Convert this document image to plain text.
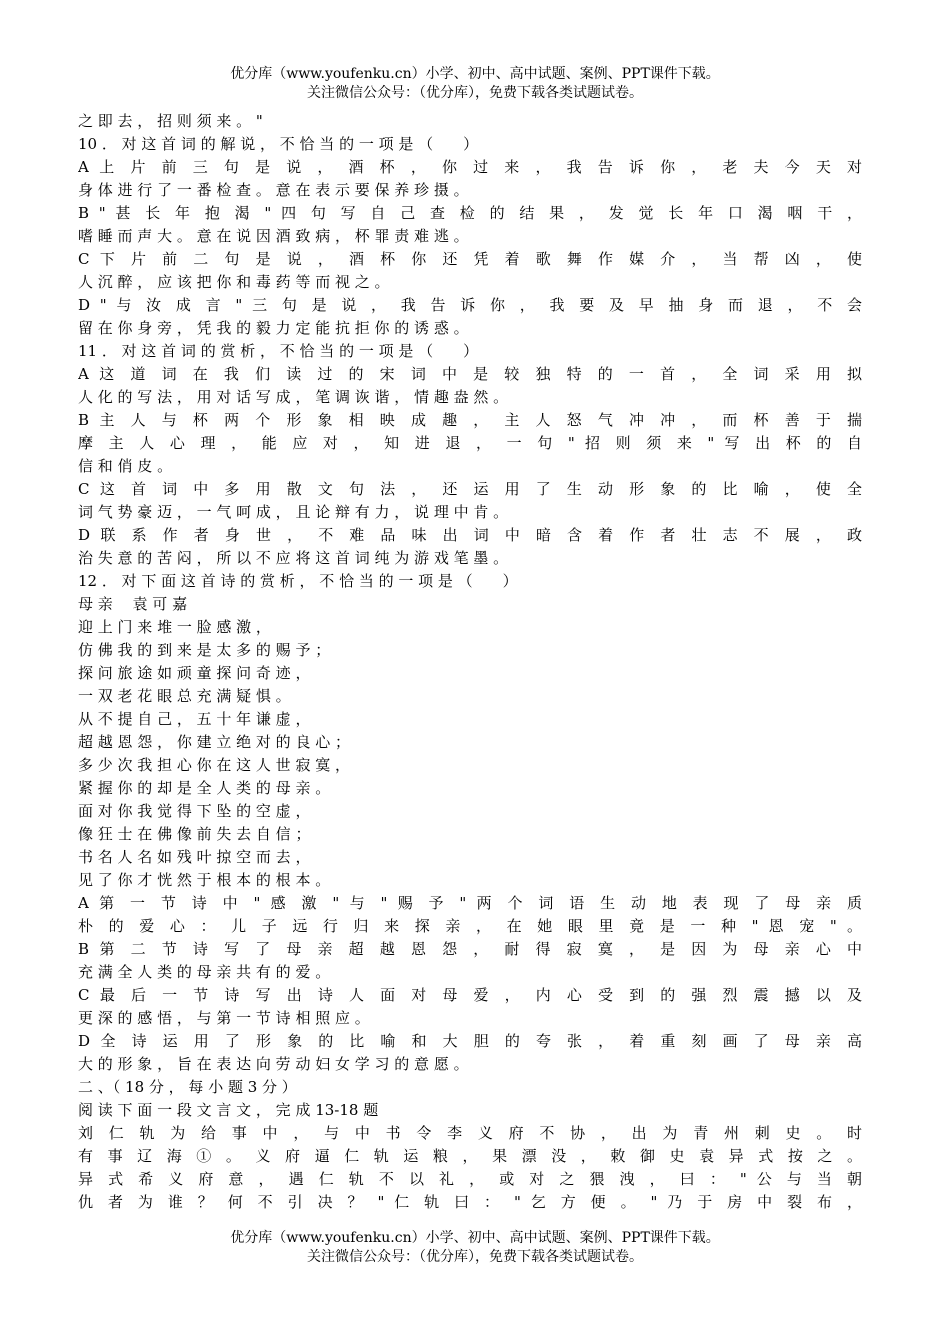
优分库（www.youfenku.cn）小学、初中、高中试题、案例、PPT课件下载。

关注微信公众号：（优分库），免费下载各类试题试卷。

之 即 去 ， 招 则 须 来 。 "

10 ． 对 这 首 词 的 解 说 ， 不 恰 当 的 一 项 是 （　　）

A 上 片 前 三 句 是 说 ， 酒 杯 ， 你 过 来 ， 我 告 诉 你 ， 老 夫 今 天 对

身 体 进 行 了 一 番 检 查 。 意 在 表 示 要 保 养 珍 摄 。

B " 甚 长 年 抱 渴 " 四 句 写 自 己 查 检 的 结 果 ， 发 觉 长 年 口 渴 咽 干 ，

嗜 睡 而 声 大 。 意 在 说 因 酒 致 病 ， 杯 罪 责 难 逃 。

C 下 片 前 二 句 是 说 ， 酒 杯 你 还 凭 着 歌 舞 作 媒 介 ， 当 帮 凶 ， 使

人 沉 醉 ， 应 该 把 你 和 毒 药 等 而 视 之 。

D " 与 汝 成 言 " 三 句 是 说 ， 我 告 诉 你 ， 我 要 及 早 抽 身 而 退 ， 不 会

留 在 你 身 旁 ， 凭 我 的 毅 力 定 能 抗 拒 你 的 诱 惑 。

11 ． 对 这 首 词 的 赏 析 ， 不 恰 当 的 一 项 是 （　　）

A 这 道 词 在 我 们 读 过 的 宋 词 中 是 较 独 特 的 一 首 ， 全 词 采 用 拟

人 化 的 写 法 ， 用 对 话 写 成 ， 笔 调 诙 谐 ， 情 趣 盎 然 。

B 主 人 与 杯 两 个 形 象 相 映 成 趣 ， 主 人 怒 气 冲 冲 ， 而 杯 善 于 揣

摩 主 人 心 理 ， 能 应 对 ， 知 进 退 ， 一 句 " 招 则 须 来 " 写 出 杯 的 自

信 和 俏 皮 。

C 这 首 词 中 多 用 散 文 句 法 ， 还 运 用 了 生 动 形 象 的 比 喻 ， 使 全

词 气 势 豪 迈 ， 一 气 呵 成 ， 且 论 辩 有 力 ， 说 理 中 肯 。

D 联 系 作 者 身 世 ， 不 难 品 味 出 词 中 暗 含 着 作 者 壮 志 不 展 ， 政

治 失 意 的 苦 闷 ， 所 以 不 应 将 这 首 词 纯 为 游 戏 笔 墨 。

12 ． 对 下 面 这 首 诗 的 赏 析 ， 不 恰 当 的 一 项 是 （　　）

母 亲　 袁 可 嘉

迎 上 门 来 堆 一 脸 感 激 ，

仿 佛 我 的 到 来 是 太 多 的 赐 予 ；

探 问 旅 途 如 顽 童 探 问 奇 迹 ，

一 双 老 花 眼 总 充 满 疑 惧 。

从 不 提 自 己 ， 五 十 年 谦 虚 ，

超 越 恩 怨 ， 你 建 立 绝 对 的 良 心 ；

多 少 次 我 担 心 你 在 这 人 世 寂 寞 ，

紧 握 你 的 却 是 全 人 类 的 母 亲 。

面 对 你 我 觉 得 下 坠 的 空 虚 ，

像 狂 士 在 佛 像 前 失 去 自 信 ；

书 名 人 名 如 残 叶 掠 空 而 去 ，

见 了 你 才 恍 然 于 根 本 的 根 本 。

A 第 一 节 诗 中 " 感 激 " 与 " 赐 予 " 两 个 词 语 生 动 地 表 现 了 母 亲 质

朴 的 爱 心 ： 儿 子 远 行 归 来 探 亲 ， 在 她 眼 里 竟 是 一 种 " 恩 宠 " 。

B 第 二 节 诗 写 了 母 亲 超 越 恩 怨 ， 耐 得 寂 寞 ， 是 因 为 母 亲 心 中

充 满 全 人 类 的 母 亲 共 有 的 爱 。

C 最 后 一 节 诗 写 出 诗 人 面 对 母 爱 ， 内 心 受 到 的 强 烈 震 撼 以 及

更 深 的 感 悟 ， 与 第 一 节 诗 相 照 应 。

D 全 诗 运 用 了 形 象 的 比 喻 和 大 胆 的 夸 张 ， 着 重 刻 画 了 母 亲 高

大 的 形 象 ， 旨 在 表 达 向 劳 动 妇 女 学 习 的 意 愿 。

二 、（ 18 分 ， 每 小 题 3 分 ）

阅 读 下 面 一 段 文 言 文 ， 完 成 13-18 题

刘 仁 轨 为 给 事 中 ， 与 中 书 令 李 义 府 不 协 ， 出 为 青 州 刺 史 。 时

有 事 辽 海 ① 。 义 府 逼 仁 轨 运 粮 ， 果 漂 没 ， 敕 御 史 袁 异 式 按 之 。

异 式 希 义 府 意 ， 遇 仁 轨 不 以 礼 ， 或 对 之 猥 洩 ， 曰 ： " 公 与 当 朝

仇 者 为 谁 ？ 何 不 引 决 ？ " 仁 轨 曰 ： " 乞 方 便 。 " 乃 于 房 中 裂 布 ，

优分库（www.youfenku.cn）小学、初中、高中试题、案例、PPT课件下载。

关注微信公众号：（优分库），免费下载各类试题试卷。
